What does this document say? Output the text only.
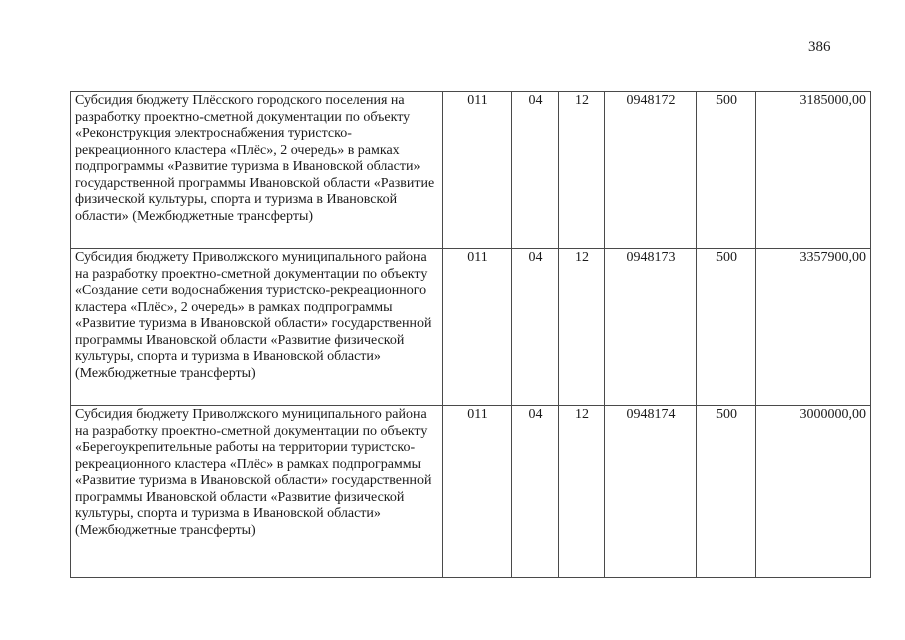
386
Субсидия бюджету Плёсского городского поселения на разработку проектно-сметной документации по объекту «Реконструкция электроснабжения туристско-рекреационного кластера «Плёс», 2 очередь» в рамках подпрограммы «Развитие туризма в Ивановской области» государственной программы Ивановской области «Развитие физической культуры, спорта и туризма в Ивановской области» (Межбюджетные трансферты)	011	04	12	0948172	500	3185000,00
Субсидия бюджету Приволжского муниципального района на разработку проектно-сметной документации по объекту «Создание сети водоснабжения туристско-рекреационного кластера «Плёс», 2 очередь» в рамках подпрограммы «Развитие туризма в Ивановской области» государственной программы Ивановской области «Развитие физической культуры, спорта и туризма в Ивановской области» (Межбюджетные трансферты)	011	04	12	0948173	500	3357900,00
Субсидия бюджету Приволжского муниципального района на разработку проектно-сметной документации по объекту «Берегоукрепительные работы на территории туристско-рекреационного кластера «Плёс» в рамках подпрограммы «Развитие туризма в Ивановской области» государственной программы Ивановской области «Развитие физической культуры, спорта и туризма в Ивановской области» (Межбюджетные трансферты)	011	04	12	0948174	500	3000000,00
